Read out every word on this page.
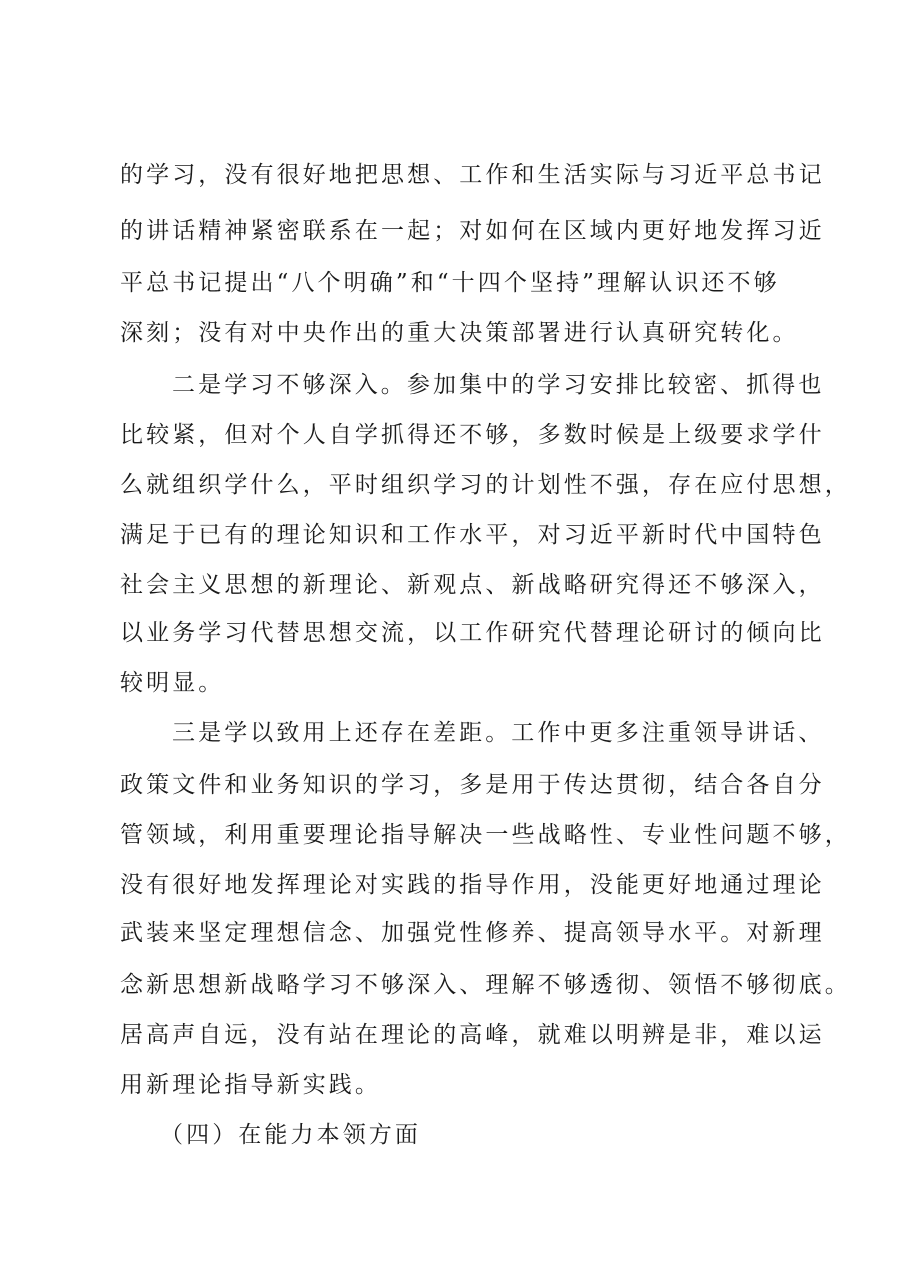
的学习，没有很好地把思想、工作和生活实际与习近平总书记
的讲话精神紧密联系在一起；对如何在区域内更好地发挥习近
平总书记提出“八个明确”和“十四个坚持”理解认识还不够
深刻；没有对中央作出的重大决策部署进行认真研究转化。
二是学习不够深入。参加集中的学习安排比较密、抓得也
比较紧，但对个人自学抓得还不够，多数时候是上级要求学什
么就组织学什么，平时组织学习的计划性不强，存在应付思想，
满足于已有的理论知识和工作水平，对习近平新时代中国特色
社会主义思想的新理论、新观点、新战略研究得还不够深入，
以业务学习代替思想交流，以工作研究代替理论研讨的倾向比
较明显。
三是学以致用上还存在差距。工作中更多注重领导讲话、
政策文件和业务知识的学习，多是用于传达贯彻，结合各自分
管领域，利用重要理论指导解决一些战略性、专业性问题不够，
没有很好地发挥理论对实践的指导作用，没能更好地通过理论
武装来坚定理想信念、加强党性修养、提高领导水平。对新理
念新思想新战略学习不够深入、理解不够透彻、领悟不够彻底。
居高声自远，没有站在理论的高峰，就难以明辨是非，难以运
用新理论指导新实践。
（四）在能力本领方面
